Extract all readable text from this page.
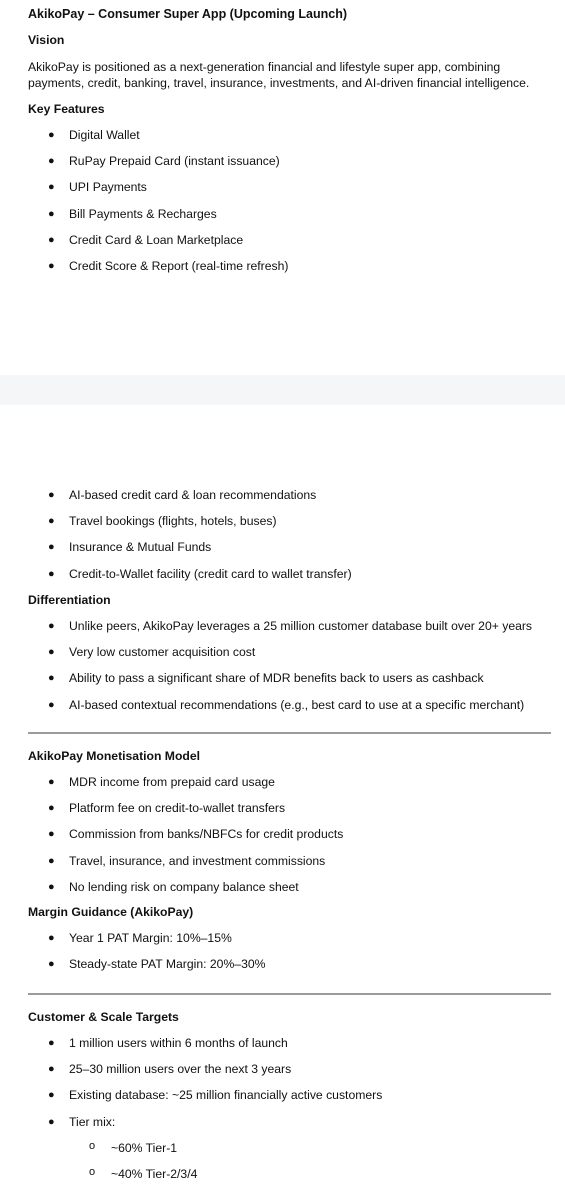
AkikoPay – Consumer Super App (Upcoming Launch)
Vision
AkikoPay is positioned as a next-generation financial and lifestyle super app, combining payments, credit, banking, travel, insurance, investments, and AI-driven financial intelligence.
Key Features
● Digital Wallet
● RuPay Prepaid Card (instant issuance)
● UPI Payments
● Bill Payments & Recharges
● Credit Card & Loan Marketplace
● Credit Score & Report (real-time refresh)
● AI-based credit card & loan recommendations
● Travel bookings (flights, hotels, buses)
● Insurance & Mutual Funds
● Credit-to-Wallet facility (credit card to wallet transfer)
Differentiation
● Unlike peers, AkikoPay leverages a 25 million customer database built over 20+ years
● Very low customer acquisition cost
● Ability to pass a significant share of MDR benefits back to users as cashback
● AI-based contextual recommendations (e.g., best card to use at a specific merchant)
AkikoPay Monetisation Model
● MDR income from prepaid card usage
● Platform fee on credit-to-wallet transfers
● Commission from banks/NBFCs for credit products
● Travel, insurance, and investment commissions
● No lending risk on company balance sheet
Margin Guidance (AkikoPay)
● Year 1 PAT Margin: 10%–15%
● Steady-state PAT Margin: 20%–30%
Customer & Scale Targets
● 1 million users within 6 months of launch
● 25–30 million users over the next 3 years
● Existing database: ~25 million financially active customers
● Tier mix:
o ~60% Tier-1
o ~40% Tier-2/3/4
